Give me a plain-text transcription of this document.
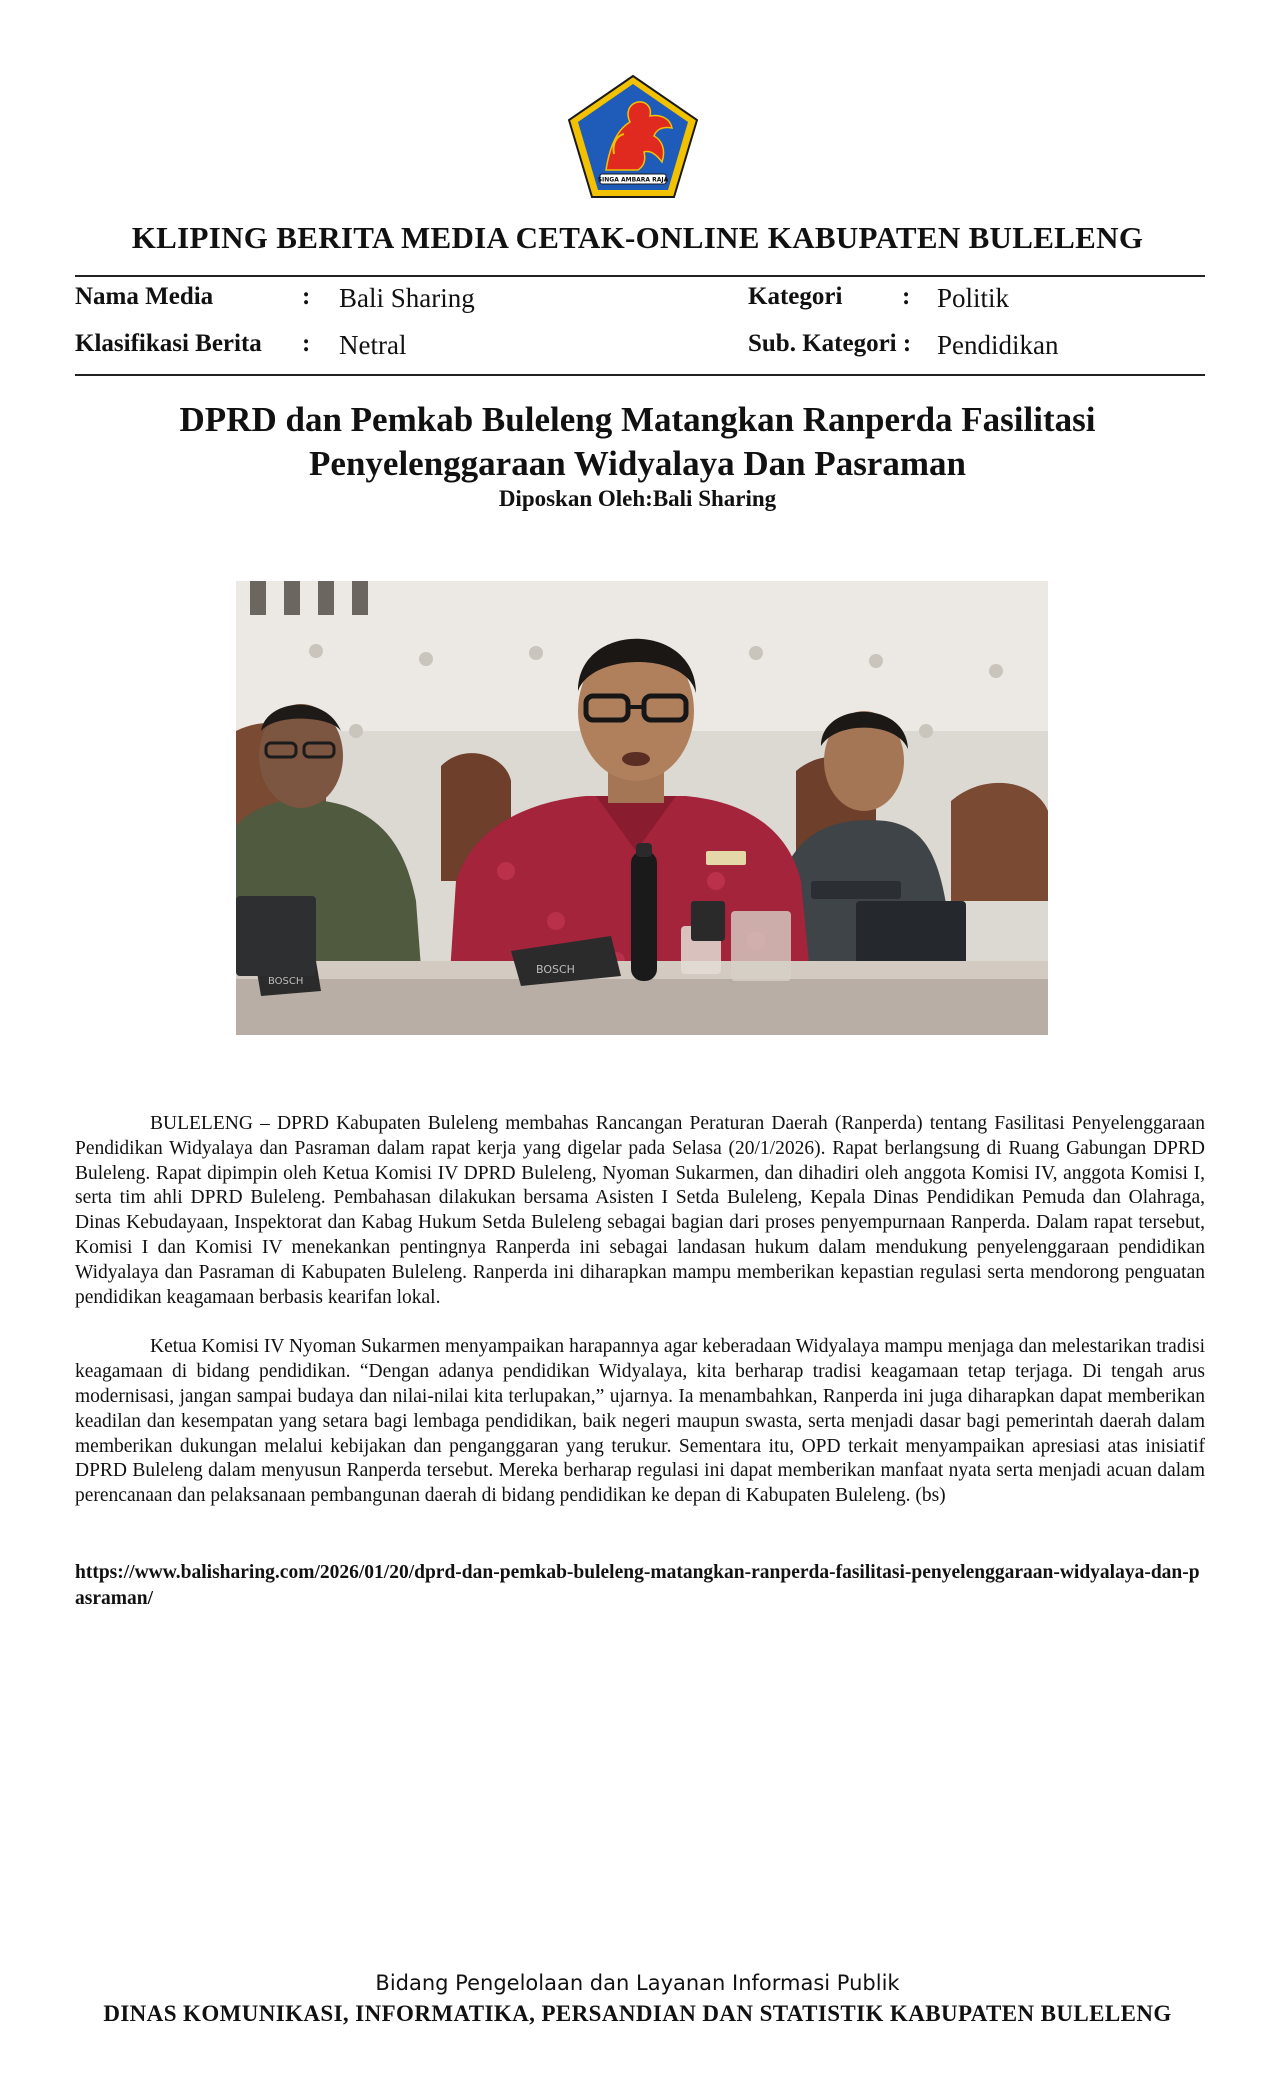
SINGA AMBARA RAJA
KLIPING BERITA MEDIA CETAK-ONLINE KABUPATEN BULELENG
Nama Media	: Bali Sharing	Kategori : Politik
Klasifikasi Berita : Netral	Sub. Kategori : Pendidikan
DPRD dan Pemkab Buleleng Matangkan Ranperda Fasilitasi
Penyelenggaraan Widyalaya Dan Pasraman
Diposkan Oleh:Bali Sharing
BOSCH
BOSCH

BULELENG – DPRD Kabupaten Buleleng membahas Rancangan Peraturan Daerah (Ranperda) tentang Fasilitasi Penyelenggaraan Pendidikan Widyalaya dan Pasraman dalam rapat kerja yang digelar pada Selasa (20/1/2026). Rapat berlangsung di Ruang Gabungan DPRD Buleleng. Rapat dipimpin oleh Ketua Komisi IV DPRD Buleleng, Nyoman Sukarmen, dan dihadiri oleh anggota Komisi IV, anggota Komisi I, serta tim ahli DPRD Buleleng. Pembahasan dilakukan bersama Asisten I Setda Buleleng, Kepala Dinas Pendidikan Pemuda dan Olahraga, Dinas Kebudayaan, Inspektorat dan Kabag Hukum Setda Buleleng sebagai bagian dari proses penyempurnaan Ranperda. Dalam rapat tersebut, Komisi I dan Komisi IV menekankan pentingnya Ranperda ini sebagai landasan hukum dalam mendukung penyelenggaraan pendidikan Widyalaya dan Pasraman di Kabupaten Buleleng. Ranperda ini diharapkan mampu memberikan kepastian regulasi serta mendorong penguatan pendidikan keagamaan berbasis kearifan lokal.

Ketua Komisi IV Nyoman Sukarmen menyampaikan harapannya agar keberadaan Widyalaya mampu menjaga dan melestarikan tradisi keagamaan di bidang pendidikan. “Dengan adanya pendidikan Widyalaya, kita berharap tradisi keagamaan tetap terjaga. Di tengah arus modernisasi, jangan sampai budaya dan nilai-nilai kita terlupakan,” ujarnya. Ia menambahkan, Ranperda ini juga diharapkan dapat memberikan keadilan dan kesempatan yang setara bagi lembaga pendidikan, baik negeri maupun swasta, serta menjadi dasar bagi pemerintah daerah dalam memberikan dukungan melalui kebijakan dan penganggaran yang terukur. Sementara itu, OPD terkait menyampaikan apresiasi atas inisiatif DPRD Buleleng dalam menyusun Ranperda tersebut. Mereka berharap regulasi ini dapat memberikan manfaat nyata serta menjadi acuan dalam perencanaan dan pelaksanaan pembangunan daerah di bidang pendidikan ke depan di Kabupaten Buleleng. (bs)

https://www.balisharing.com/2026/01/20/dprd-dan-pemkab-buleleng-matangkan-ranperda-fasilitasi-penyelenggaraan-widyalaya-dan-pasraman/

Bidang Pengelolaan dan Layanan Informasi Publik
DINAS KOMUNIKASI, INFORMATIKA, PERSANDIAN DAN STATISTIK KABUPATEN BULELENG
